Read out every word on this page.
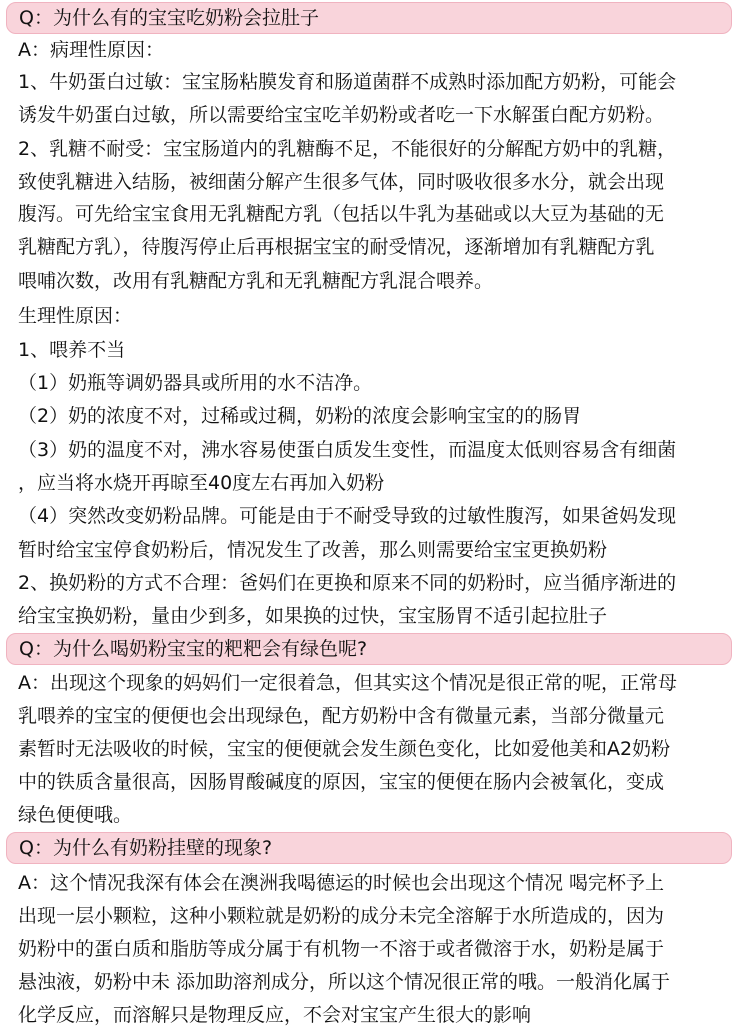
Q：为什么有的宝宝吃奶粉会拉肚子
A：病理性原因：
1、牛奶蛋白过敏：宝宝肠粘膜发育和肠道菌群不成熟时添加配方奶粉，可能会
诱发牛奶蛋白过敏，所以需要给宝宝吃羊奶粉或者吃一下水解蛋白配方奶粉。
2、乳糖不耐受：宝宝肠道内的乳糖酶不足，不能很好的分解配方奶中的乳糖，
致使乳糖进入结肠，被细菌分解产生很多气体，同时吸收很多水分，就会出现
腹泻。可先给宝宝食用无乳糖配方乳（包括以牛乳为基础或以大豆为基础的无
乳糖配方乳），待腹泻停止后再根据宝宝的耐受情况，逐渐增加有乳糖配方乳
喂哺次数，改用有乳糖配方乳和无乳糖配方乳混合喂养。
生理性原因：
1、喂养不当
（1）奶瓶等调奶器具或所用的水不洁净。
（2）奶的浓度不对，过稀或过稠，奶粉的浓度会影响宝宝的的肠胃
（3）奶的温度不对，沸水容易使蛋白质发生变性，而温度太低则容易含有细菌
，应当将水烧开再晾至40度左右再加入奶粉
（4）突然改变奶粉品牌。可能是由于不耐受导致的过敏性腹泻，如果爸妈发现
暂时给宝宝停食奶粉后，情况发生了改善，那么则需要给宝宝更换奶粉
2、换奶粉的方式不合理：爸妈们在更换和原来不同的奶粉时，应当循序渐进的
给宝宝换奶粉，量由少到多，如果换的过快，宝宝肠胃不适引起拉肚子
Q：为什么喝奶粉宝宝的粑粑会有绿色呢?
A：出现这个现象的妈妈们一定很着急，但其实这个情况是很正常的呢，正常母
乳喂养的宝宝的便便也会出现绿色，配方奶粉中含有微量元素，当部分微量元
素暂时无法吸收的时候，宝宝的便便就会发生颜色变化，比如爱他美和A2奶粉
中的铁质含量很高，因肠胃酸碱度的原因，宝宝的便便在肠内会被氧化，变成
绿色便便哦。
Q：为什么有奶粉挂壁的现象?
A：这个情况我深有体会在澳洲我喝德运的时候也会出现这个情况 喝完杯予上
出现一层小颗粒，这种小颗粒就是奶粉的成分未完全溶解于水所造成的，因为
奶粉中的蛋白质和脂肪等成分属于有机物一不溶于或者微溶于水，奶粉是属于
悬浊液，奶粉中未 添加助溶剂成分，所以这个情况很正常的哦。一般消化属于
化学反应，而溶解只是物理反应，不会对宝宝产生很大的影响
